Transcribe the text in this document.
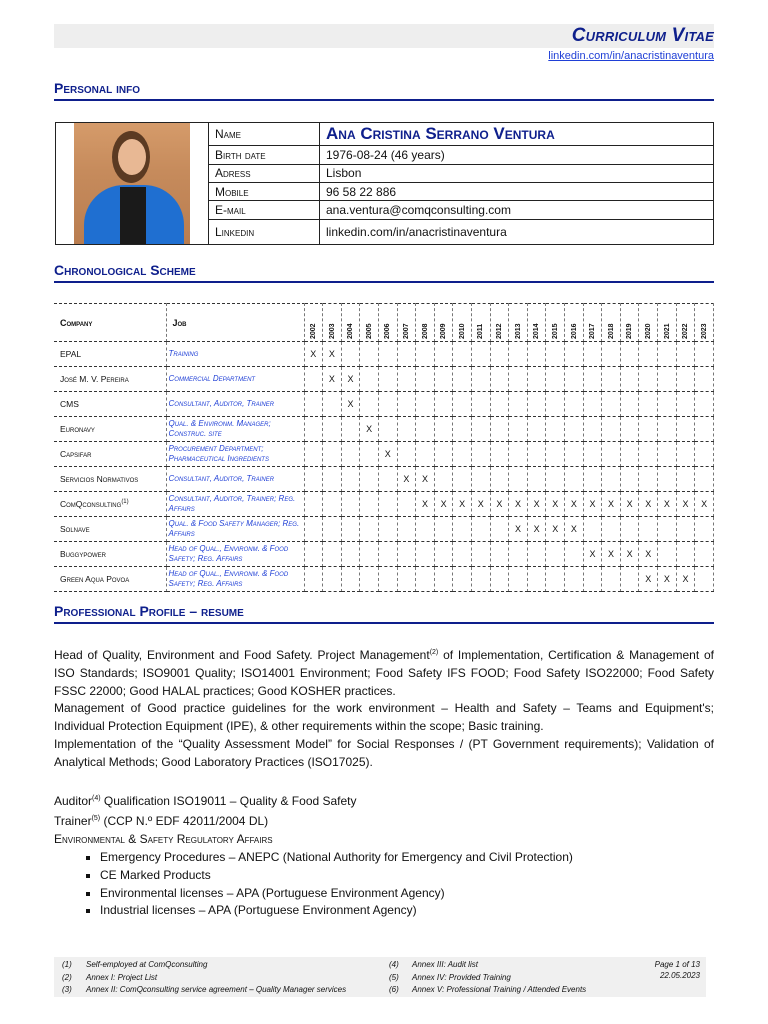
Curriculum Vitae
linkedin.com/in/anacristinaventura
Personal info
	Name	Ana Cristina Serrano Ventura
	Birth date	1976-08-24 (46 years)
	Adress	Lisbon
	Mobile	96 58 22 886
	E-mail	ana.ventura@comqconsulting.com
	Linkedin	linkedin.com/in/anacristinaventura
Chronological Scheme
Company	Job	2002	2003	2004	2005	2006	2007	2008	2009	2010	2011	2012	2013	2014	2015	2016	2017	2018	2019	2020	2021	2022	2023
EPAL	Training	X	X																				
José M. V. Pereira	Commercial Department		X	X																			
CMS	Consultant, Auditor, Trainer			X																			
Euronavy	Qual. & Environm. Manager; Construc. site				X																		
Capsifar	Procurement Department; Pharmaceutical Ingredients					X																	
Servicios Normativos	Consultant, Auditor, Trainer						X	X															
ComQconsulting$^{(1)}$	Consultant, Auditor, Trainer; Reg. Affairs							X	X	X	X	X	X	X	X	X	X	X	X	X	X	X	X
Solnave	Qual. & Food Safety Manager; Reg. Affairs												X	X	X	X							
Buggypower	Head of Qual., Environm. & Food Safety; Reg. Affairs																X	X	X	X			
Green Aqua Povoa	Head of Qual., Environm. & Food Safety; Reg. Affairs																			X	X	X	
Professional Profile – resume

Head of Quality, Environment and Food Safety. Project Management$^{(2)}$ of Implementation, Certification & Management of ISO Standards; ISO9001 Quality; ISO14001 Environment; Food Safety IFS FOOD; Food Safety ISO22000; Food Safety FSSC 22000; Good HALAL practices; Good KOSHER practices.

Management of Good practice guidelines for the work environment – Health and Safety – Teams and Equipment's; Individual Protection Equipment (IPE), & other requirements within the scope; Basic training.

Implementation of the “Quality Assessment Model” for Social Responses / (PT Government requirements); Validation of Analytical Methods; Good Laboratory Practices (ISO17025).

Auditor$^{(4)}$ Qualification ISO19011 – Quality & Food Safety

Trainer$^{(5)}$ (CCP N.º EDF 42011/2004 DL)

Environmental & Safety Regulatory Affairs

▪ Emergency Procedures – ANEPC (National Authority for Emergency and Civil Protection)
▪ CE Marked Products
▪ Environmental licenses – APA (Portuguese Environment Agency)
▪ Industrial licenses – APA (Portuguese Environment Agency)
(1) Self-employed at ComQconsulting
(2) Annex I: Project List
(3) Annex II: ComQconsulting service agreement – Quality Manager services
(4) Annex III: Audit list
(5) Annex IV: Provided Training
(6) Annex V: Professional Training / Attended Events
Page 1 of 13
22.05.2023
